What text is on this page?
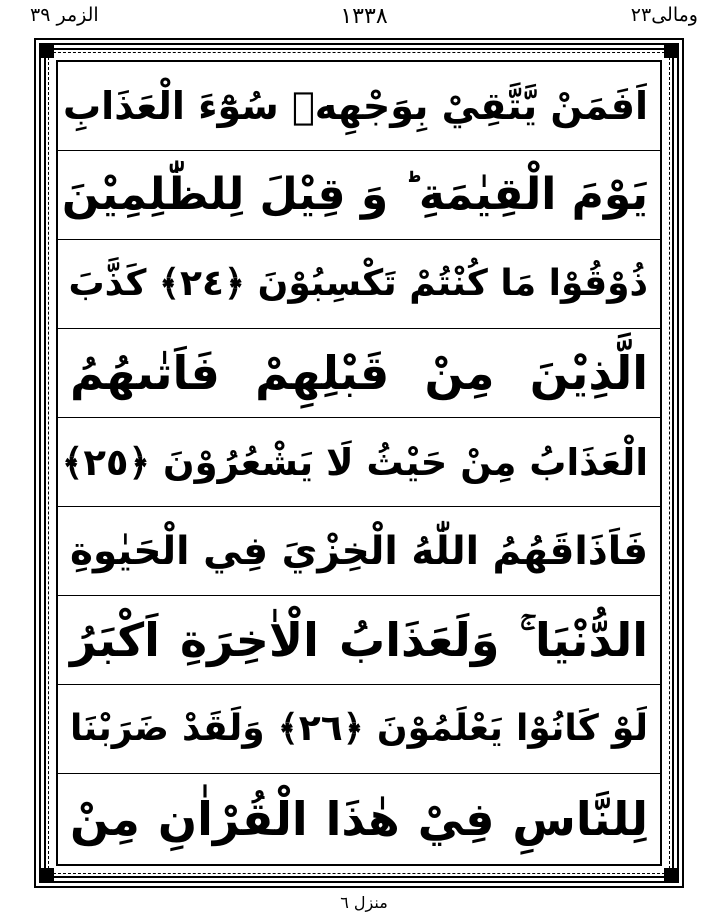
الزمر ٣٩	١٣٣٨	ومالی٢٣
اَفَمَنْ يَّتَّقِيْ بِوَجْهِهٖ سُوْٓءَ الْعَذَابِ
يَوْمَ الْقِيٰمَةِ ؕ وَ قِيْلَ لِلظّٰلِمِيْنَ
ذُوْقُوْا مَا كُنْتُمْ تَكْسِبُوْنَ ﴿٢٤﴾ كَذَّبَ
الَّذِيْنَ مِنْ قَبْلِهِمْ فَاَتٰىهُمُ
الْعَذَابُ مِنْ حَيْثُ لَا يَشْعُرُوْنَ ﴿٢٥﴾
فَاَذَاقَهُمُ اللّٰهُ الْخِزْيَ فِي الْحَيٰوةِ
الدُّنْيَا ۚ وَلَعَذَابُ الْاٰخِرَةِ اَكْبَرُ
لَوْ كَانُوْا يَعْلَمُوْنَ ﴿٢٦﴾ وَلَقَدْ ضَرَبْنَا
لِلنَّاسِ فِيْ هٰذَا الْقُرْاٰنِ مِنْ
منزل ٦
